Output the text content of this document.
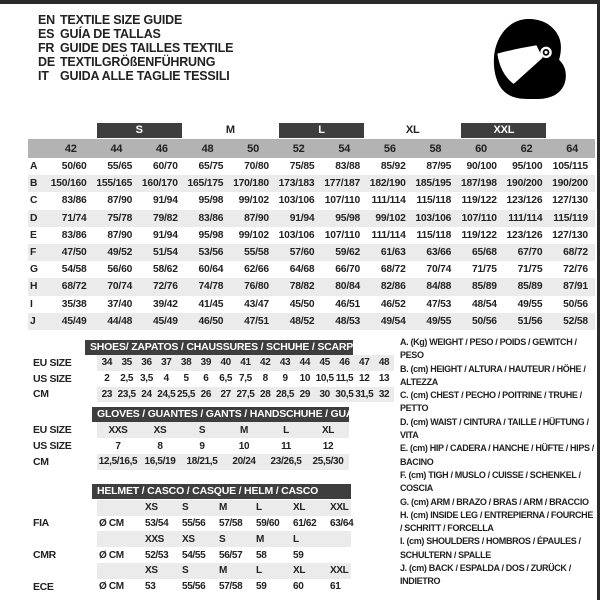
EN TEXTILE SIZE GUIDE
ES GUÍA DE TALLAS
FR GUIDE DES TAILLES TEXTILE
DE TEXTILGRÖßENFÜHRUNG
IT GUIDA ALLE TAGLIE TESSILI
S	M	L	XL	XXL
42	44	46	48	50	52	54	56	58	60	62	64
A	50/60	55/65	60/70	65/75	70/80	75/85	83/88	85/92	87/95	90/100	95/100	105/115
B	150/160 155/165 160/170 165/175 170/180 173/183 177/187 182/190 185/195 187/198 190/200 190/200
C	83/86	87/90	91/94	95/98	99/102 103/106	107/110	111/114	115/118	119/122 123/126 127/130
D	71/74	75/78	79/82	83/86	87/90	91/94	95/98	99/102 103/106	107/110	111/114	115/119
E	83/86	87/90	91/94	95/98	99/102 103/106	107/110	111/114	115/118	119/122 123/126 127/130
F	47/50	49/52	51/54	53/56	55/58	57/60	59/62	61/63	63/66	65/68	67/70	68/72
G	54/58	56/60	58/62	60/64	62/66	64/68	66/70	68/72	70/74	71/75	71/75	72/76
H	68/72	70/74	72/76	74/78	76/80	78/82	80/84	82/86	84/88	85/89	85/89	87/91
I	35/38	37/40	39/42	41/45	43/47	45/50	46/51	46/52	47/53	48/54	49/55	50/56
J	45/49	44/48	45/49	46/50	47/51	48/52	48/53	49/54	49/55	50/56	51/56	52/58
SHOES/ ZAPATOS / CHAUSSURES / SCHUHE / SCARPE
EU SIZE	34 35 36 37 38 39 40 41 42 43 44 45 46 47 48
US SIZE	2	2,5 3,5	4	5	6	6,5 7,5	8	9	10 10,5 11,5 12 13
CM	23 23,5 24 24,5 25,5 26 27 27,5 28 28,5 29 30 30,5 31,5 32
GLOVES / GUANTES / GANTS / HANDSCHUHE / GUANTI
EU SIZE	XXS	XS	S	M	L	XL
US SIZE	7	8	9	10	11	12
CM	12,5/16,5 16,5/19	18/21,5	20/24	23/26,5	25,5/30
HELMET / CASCO / CASQUE / HELM / CASCO
XS	S	M	L	XL	XXL
FIA	Ø CM	53/54	55/56	57/58	59/60	61/62	63/64
XXS	XS	S	M	L
CMR	Ø CM	52/53	54/55	56/57	58	59
XS	S	M	L	XL	XXL
ECE	Ø CM	53	55/56	57/58	59	60	61
A. (Kg) WEIGHT / PESO / POIDS / GEWITCH / PESO
B. (cm) HEIGHT / ALTURA / HAUTEUR / HÖHE / ALTEZZA
C. (cm) CHEST / PECHO / POITRINE / TRUHE / PETTO
D. (cm) WAIST / CINTURA / TAILLE / HÜFTUNG / VITA
E. (cm) HIP / CADERA / HANCHE / HÜFTE / HIPS / BACINO
F. (cm) TIGH / MUSLO / CUISSE / SCHENKEL / COSCIA
G. (cm) ARM / BRAZO / BRAS / ARM / BRACCIO
H. (cm) INSIDE LEG / ENTREPIERNA / FOURCHE / SCHRITT / FORCELLA
I. (cm) SHOULDERS / HOMBROS / ÉPAULES / SCHULTERN / SPALLE
J. (cm) BACK / ESPALDA / DOS / ZURÜCK / INDIETRO
